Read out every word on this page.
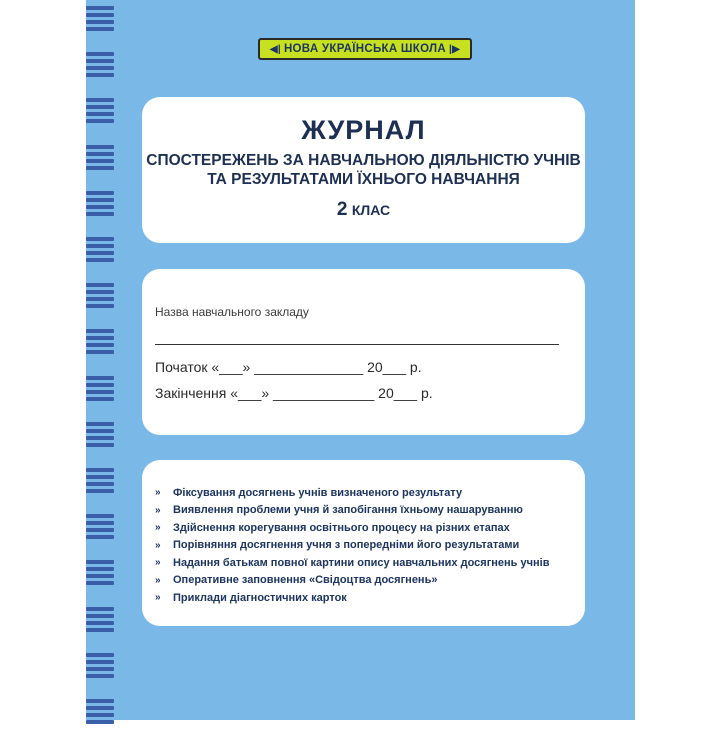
◀| НОВА УКРАЇНСЬКА ШКОЛА |▶
ЖУРНАЛ
СПОСТЕРЕЖЕНЬ ЗА НАВЧАЛЬНОЮ ДІЯЛЬНІСТЮ УЧНІВ
ТА РЕЗУЛЬТАТАМИ ЇХНЬОГО НАВЧАННЯ
2 КЛАС
Назва навчального закладу
Початок «___» ______________ 20___ р.
Закінчення «___» _____________ 20___ р.
»	Фіксування досягнень учнів визначеного результату
»	Виявлення проблеми учня й запобігання їхньому нашаруванню
»	Здійснення корегування освітнього процесу на різних етапах
»	Порівняння досягнення учня з попередніми його результатами
»	Надання батькам повної картини опису навчальних досягнень учнів
»	Оперативне заповнення «Свідоцтва досягнень»
»	Приклади діагностичних карток
